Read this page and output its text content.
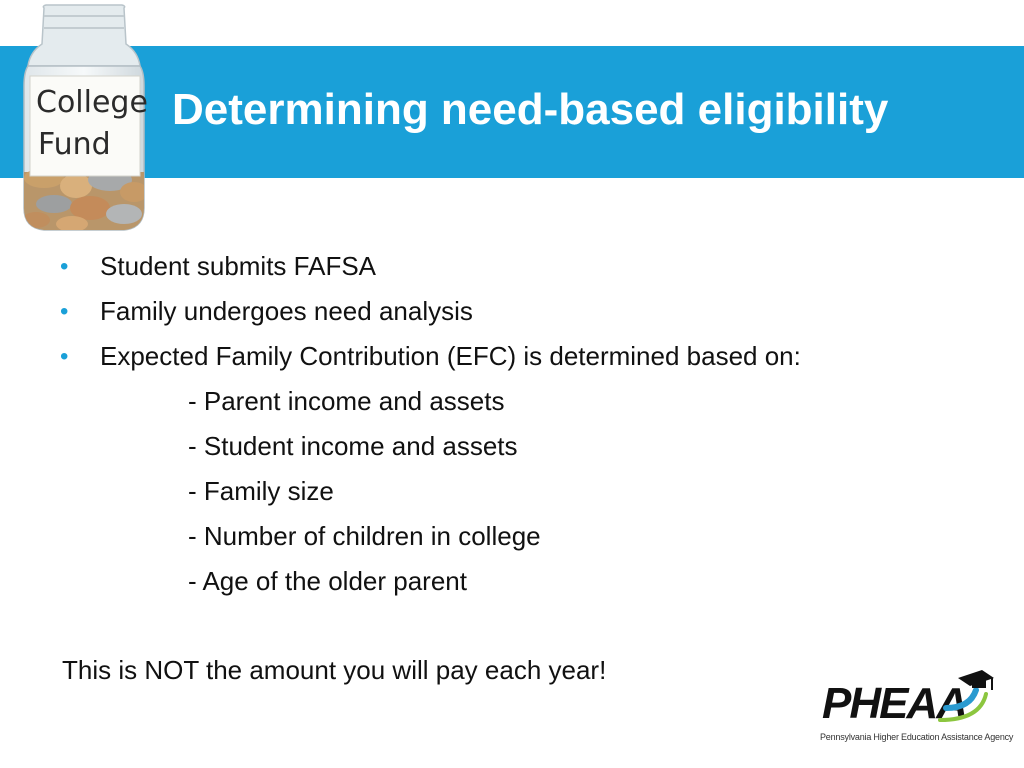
Determining need-based eligibility
College
Fund
• Student submits FAFSA
• Family undergoes need analysis
• Expected Family Contribution (EFC) is determined based on:
- Parent income and assets
- Student income and assets
- Family size
- Number of children in college
- Age of the older parent

This is NOT the amount you will pay each year!

PHEAA
Pennsylvania Higher Education Assistance Agency
